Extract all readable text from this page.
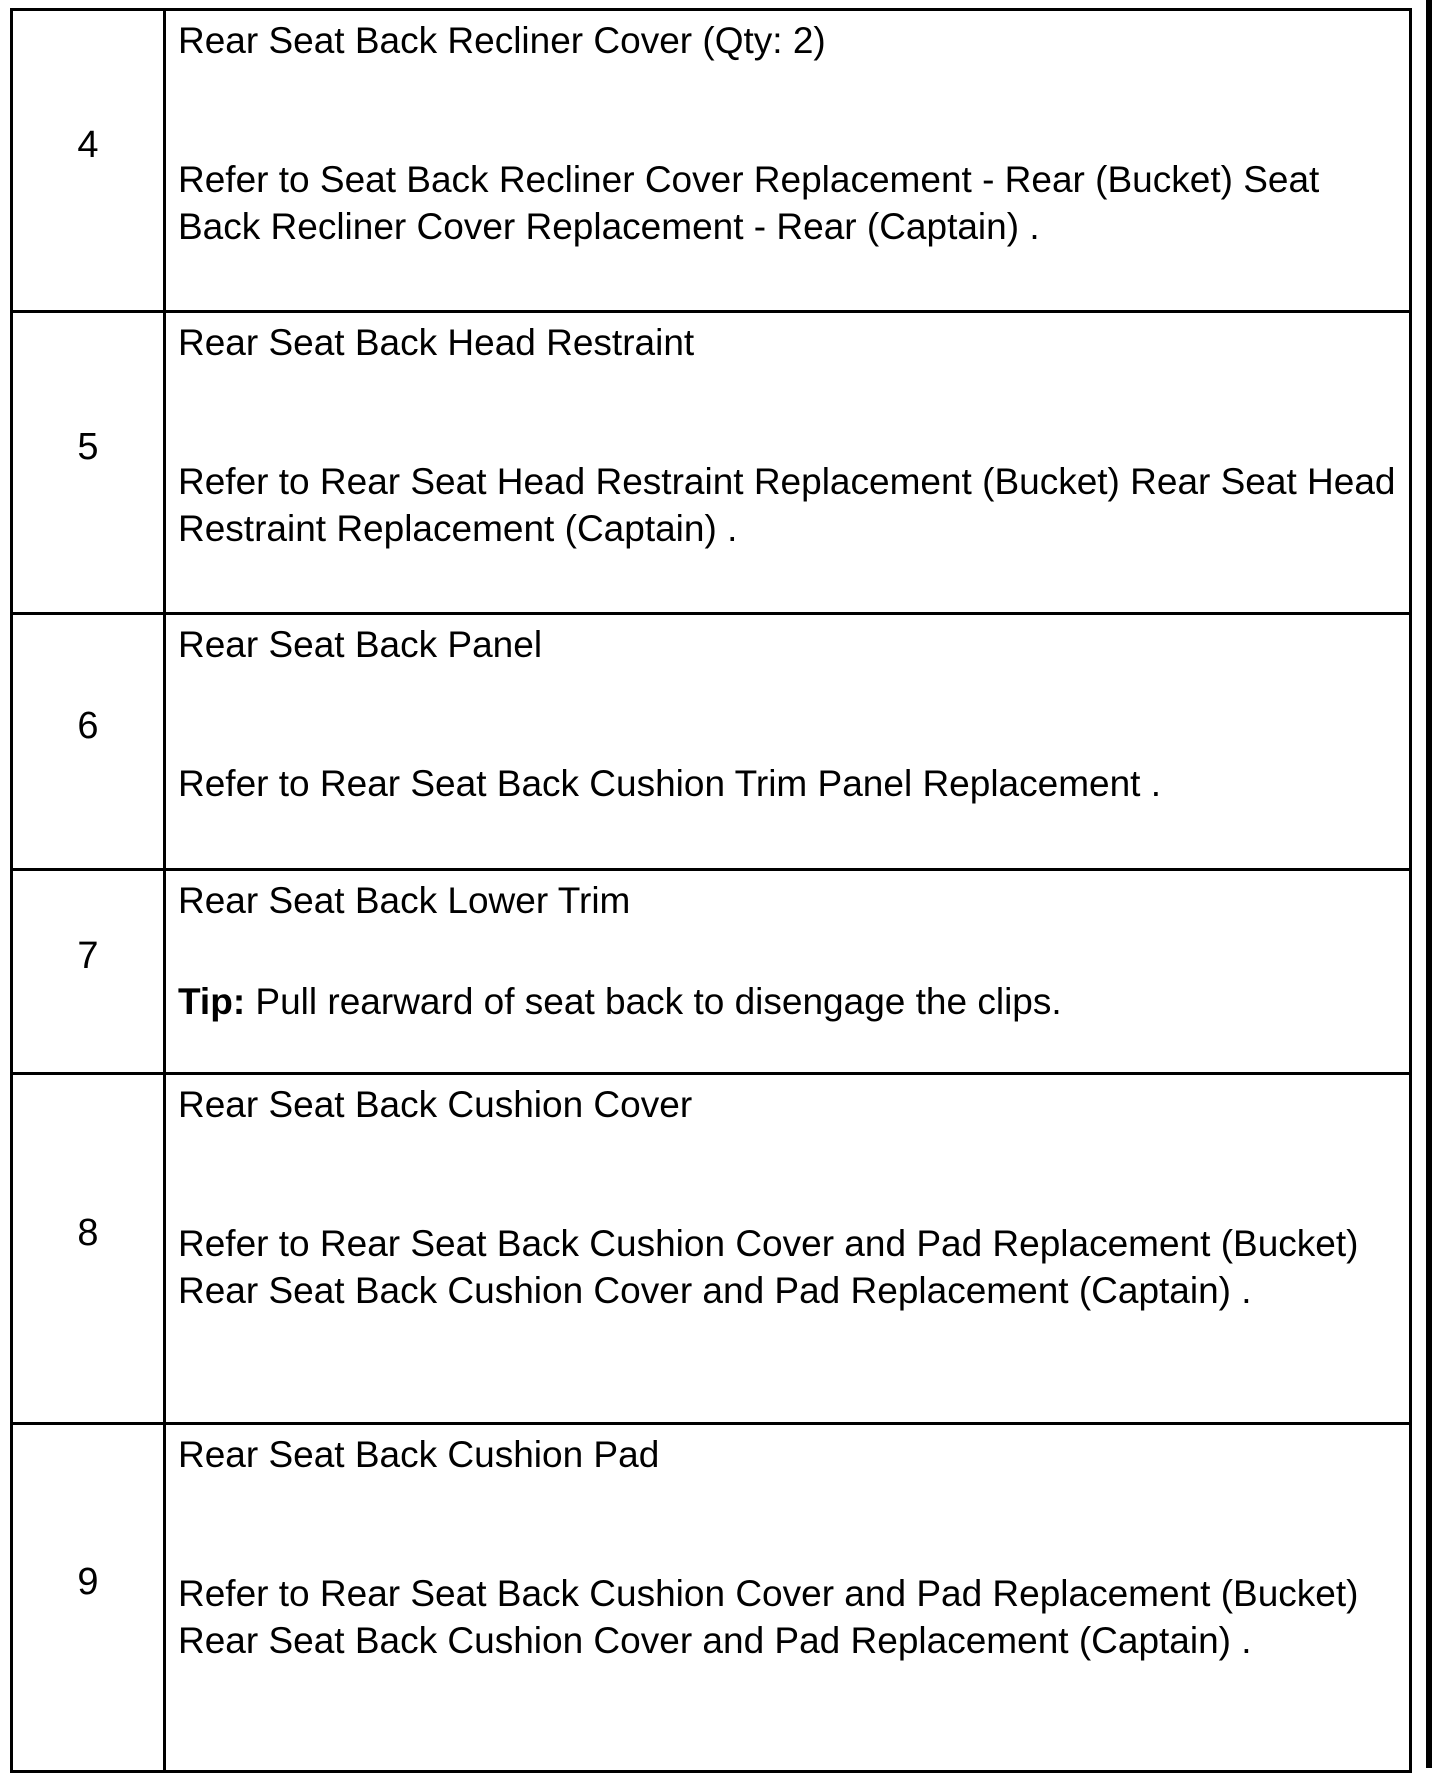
4	Rear Seat Back Recliner Cover (Qty: 2)
Refer to Seat Back Recliner Cover Replacement - Rear (Bucket) Seat Back Recliner Cover Replacement - Rear (Captain) .

5	Rear Seat Back Head Restraint
Refer to Rear Seat Head Restraint Replacement (Bucket) Rear Seat Head Restraint Replacement (Captain) .

6	Rear Seat Back Panel
Refer to Rear Seat Back Cushion Trim Panel Replacement .

7	Rear Seat Back Lower Trim
Tip: Pull rearward of seat back to disengage the clips.

8	Rear Seat Back Cushion Cover
Refer to Rear Seat Back Cushion Cover and Pad Replacement (Bucket) Rear Seat Back Cushion Cover and Pad Replacement (Captain) .

9	Rear Seat Back Cushion Pad
Refer to Rear Seat Back Cushion Cover and Pad Replacement (Bucket) Rear Seat Back Cushion Cover and Pad Replacement (Captain) .
